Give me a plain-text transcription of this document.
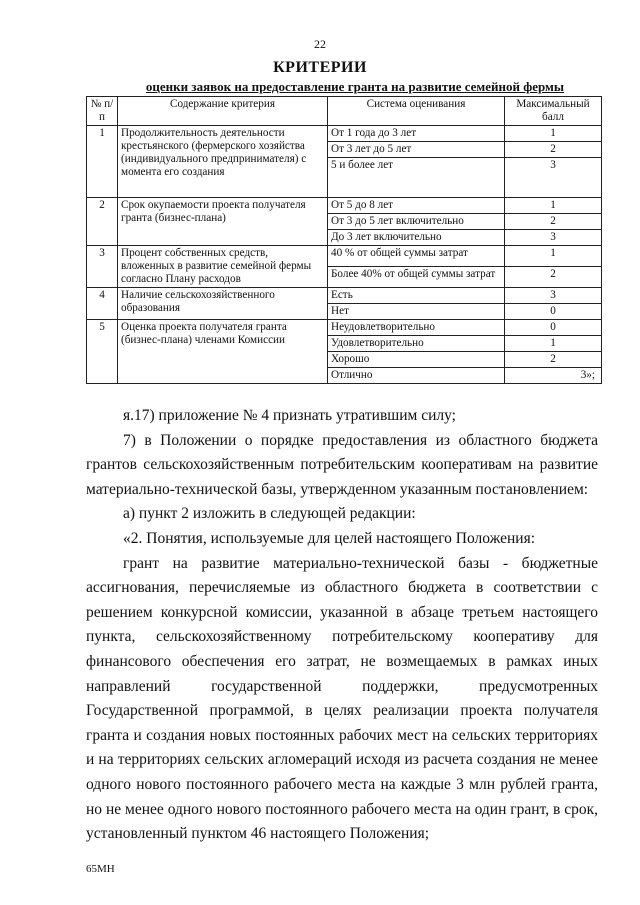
22
КРИТЕРИИ
оценки заявок на предоставление гранта на развитие семейной фермы
№ п/п	Содержание критерия	Система оценивания	Максимальный балл
1	Продолжительность деятельности крестьянского (фермерского хозяйства (индивидуального предпринимателя) с момента его создания	От 1 года до 3 лет	1
		От 3 лет до 5 лет	2
		5 и более лет	3
2	Срок окупаемости проекта получателя гранта (бизнес-плана)	От 5 до 8 лет	1
		От 3 до 5 лет включительно	2
		До 3 лет включительно	3
3	Процент собственных средств, вложенных в развитие семейной фермы согласно Плану расходов	40 % от общей суммы затрат	1
		Более 40% от общей суммы затрат	2
4	Наличие сельскохозяйственного образования	Есть	3
		Нет	0
5	Оценка проекта получателя гранта (бизнес-плана) членами Комиссии	Неудовлетворительно	0
		Удовлетворительно	1
		Хорошо	2
		Отлично	3»;

я.17) приложение № 4 признать утратившим силу;

7) в Положении о порядке предоставления из областного бюджета грантов сельскохозяйственным потребительским кооперативам на развитие материально-технической базы, утвержденном указанным постановлением:

а) пункт 2 изложить в следующей редакции:

«2. Понятия, используемые для целей настоящего Положения:

грант на развитие материально-технической базы - бюджетные ассигнования, перечисляемые из областного бюджета в соответствии с решением конкурсной комиссии, указанной в абзаце третьем настоящего пункта, сельскохозяйственному потребительскому кооперативу для финансового обеспечения его затрат, не возмещаемых в рамках иных направлений государственной поддержки, предусмотренных Государственной программой, в целях реализации проекта получателя гранта и создания новых постоянных рабочих мест на сельских территориях и на территориях сельских агломераций исходя из расчета создания не менее одного нового постоянного рабочего места на каждые 3 млн рублей гранта, но не менее одного нового постоянного рабочего места на один грант, в срок, установленный пунктом 46 настоящего Положения;

65МН
